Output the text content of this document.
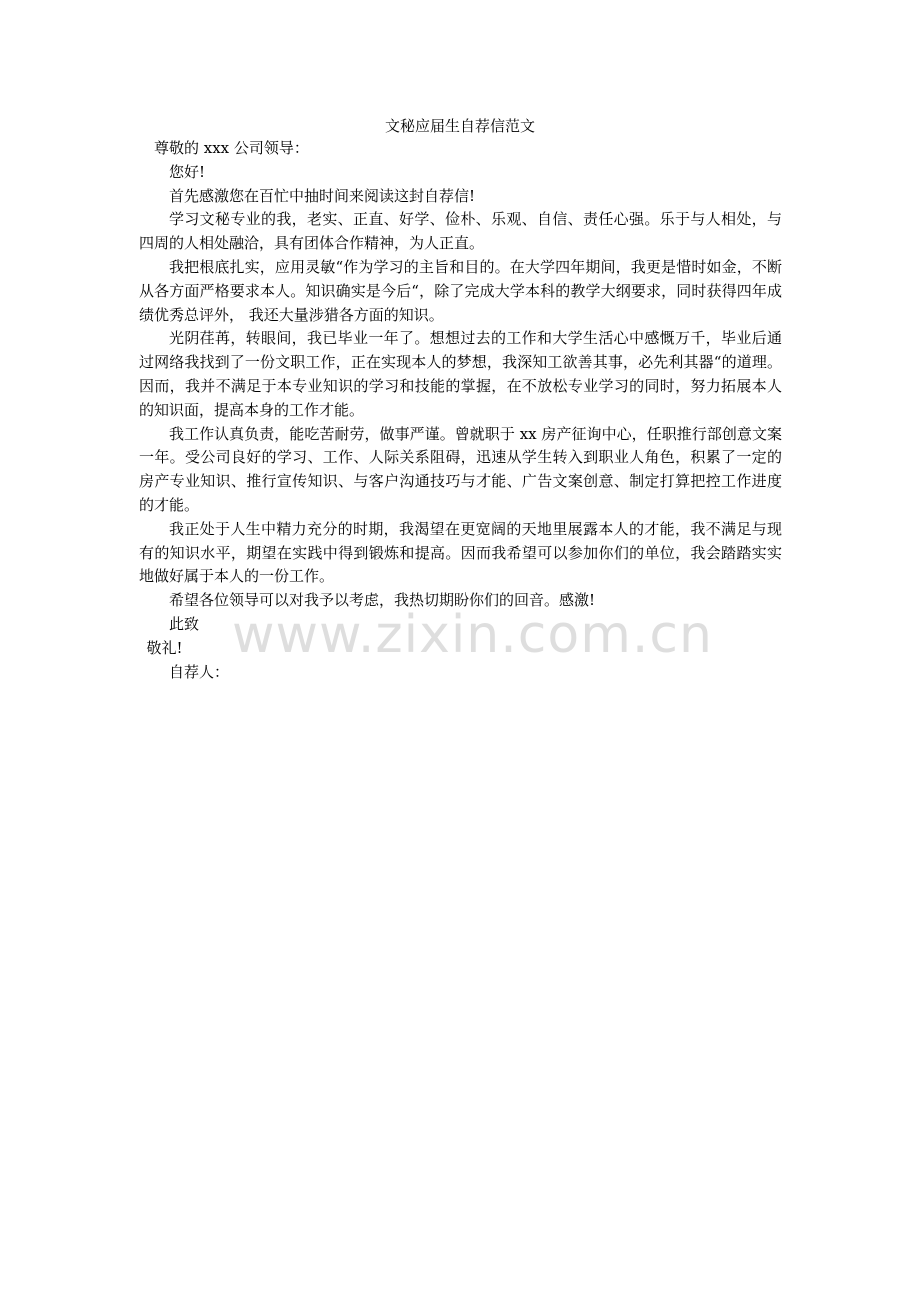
文秘应届生自荐信范文

尊敬的 xxx 公司领导：

您好!

首先感激您在百忙中抽时间来阅读这封自荐信!

学习文秘专业的我，老实、正直、好学、俭朴、乐观、自信、责任心强。乐于与人相处，与四周的人相处融洽，具有团体合作精神，为人正直。

我把根底扎实，应用灵敏“作为学习的主旨和目的。在大学四年期间，我更是惜时如金，不断从各方面严格要求本人。知识确实是今后“，除了完成大学本科的教学大纲要求，同时获得四年成绩优秀总评外， 我还大量涉猎各方面的知识。

光阴荏苒，转眼间，我已毕业一年了。想想过去的工作和大学生活心中感慨万千，毕业后通过网络我找到了一份文职工作，正在实现本人的梦想，我深知工欲善其事，必先利其器“的道理。因而，我并不满足于本专业知识的学习和技能的掌握，在不放松专业学习的同时，努力拓展本人的知识面，提高本身的工作才能。

我工作认真负责，能吃苦耐劳，做事严谨。曾就职于 xx 房产征询中心，任职推行部创意文案一年。受公司良好的学习、工作、人际关系阻碍，迅速从学生转入到职业人角色，积累了一定的房产专业知识、推行宣传知识、与客户沟通技巧与才能、广告文案创意、制定打算把控工作进度的才能。

我正处于人生中精力充分的时期，我渴望在更宽阔的天地里展露本人的才能，我不满足与现有的知识水平，期望在实践中得到锻炼和提高。因而我希望可以参加你们的单位，我会踏踏实实地做好属于本人的一份工作。

希望各位领导可以对我予以考虑，我热切期盼你们的回音。感激!

此致

敬礼!

自荐人：

www.zixin.com.cn
